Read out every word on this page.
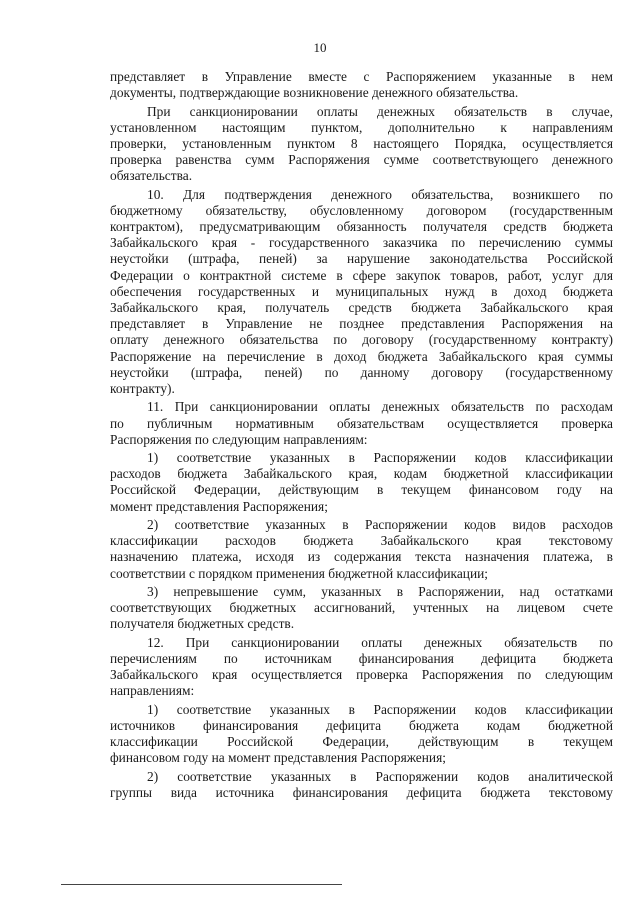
10
представляет в Управление вместе с Распоряжением указанные в нем
документы, подтверждающие возникновение денежного обязательства.
При санкционировании оплаты денежных обязательств в случае,
установленном настоящим пунктом, дополнительно к направлениям
проверки, установленным пунктом 8 настоящего Порядка, осуществляется
проверка равенства сумм Распоряжения сумме соответствующего денежного
обязательства.
10. Для подтверждения денежного обязательства, возникшего по
бюджетному обязательству, обусловленному договором (государственным
контрактом), предусматривающим обязанность получателя средств бюджета
Забайкальского края - государственного заказчика по перечислению суммы
неустойки (штрафа, пеней) за нарушение законодательства Российской
Федерации о контрактной системе в сфере закупок товаров, работ, услуг для
обеспечения государственных и муниципальных нужд в доход бюджета
Забайкальского края, получатель средств бюджета Забайкальского края
представляет в Управление не позднее представления Распоряжения на
оплату денежного обязательства по договору (государственному контракту)
Распоряжение на перечисление в доход бюджета Забайкальского края суммы
неустойки (штрафа, пеней) по данному договору (государственному
контракту).
11. При санкционировании оплаты денежных обязательств по расходам
по публичным нормативным обязательствам осуществляется проверка
Распоряжения по следующим направлениям:
1) соответствие указанных в Распоряжении кодов классификации
расходов бюджета Забайкальского края, кодам бюджетной классификации
Российской Федерации, действующим в текущем финансовом году на
момент представления Распоряжения;
2) соответствие указанных в Распоряжении кодов видов расходов
классификации расходов бюджета Забайкальского края текстовому
назначению платежа, исходя из содержания текста назначения платежа, в
соответствии с порядком применения бюджетной классификации;
3) непревышение сумм, указанных в Распоряжении, над остатками
соответствующих бюджетных ассигнований, учтенных на лицевом счете
получателя бюджетных средств.
12. При санкционировании оплаты денежных обязательств по
перечислениям по источникам финансирования дефицита бюджета
Забайкальского края осуществляется проверка Распоряжения по следующим
направлениям:
1) соответствие указанных в Распоряжении кодов классификации
источников финансирования дефицита бюджета кодам бюджетной
классификации Российской Федерации, действующим в текущем
финансовом году на момент представления Распоряжения;
2) соответствие указанных в Распоряжении кодов аналитической
группы вида источника финансирования дефицита бюджета текстовому
